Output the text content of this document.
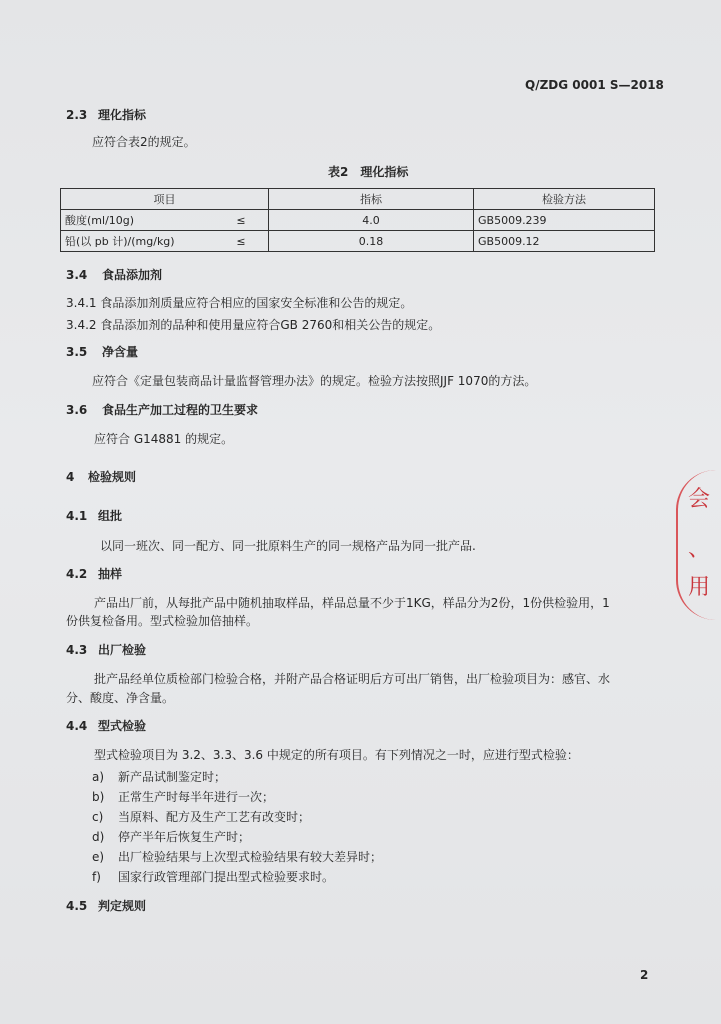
Q/ZDG 0001 S—2018
2.3 理化指标
应符合表2的规定。
表2　理化指标
项目		指标	检验方法
酸度(ml/10g)	≤	4.0	GB5009.239
铅(以 pb 计)/(mg/kg)	≤	0.18	GB5009.12
3.4 食品添加剂
3.4.1 食品添加剂质量应符合相应的国家安全标准和公告的规定。
3.4.2 食品添加剂的品种和使用量应符合GB 2760和相关公告的规定。
3.5 净含量
应符合《定量包装商品计量监督管理办法》的规定。检验方法按照JJF 1070的方法。
3.6 食品生产加工过程的卫生要求
应符合 G14881 的规定。
4 检验规则
4.1 组批
以同一班次、同一配方、同一批原料生产的同一规格产品为同一批产品.
4.2 抽样
产品出厂前，从每批产品中随机抽取样品，样品总量不少于1KG，样品分为2份，1份供检验用，1
份供复检备用。型式检验加倍抽样。
4.3 出厂检验
批产品经单位质检部门检验合格，并附产品合格证明后方可出厂销售，出厂检验项目为：感官、水
分、酸度、净含量。
4.4 型式检验
型式检验项目为 3.2、3.3、3.6 中规定的所有项目。有下列情况之一时，应进行型式检验：
a) 新产品试制鉴定时；
b) 正常生产时每半年进行一次；
c) 当原料、配方及生产工艺有改变时；
d) 停产半年后恢复生产时；
e) 出厂检验结果与上次型式检验结果有较大差异时；
f) 国家行政管理部门提出型式检验要求时。
4.5 判定规则
会
、
用
2
